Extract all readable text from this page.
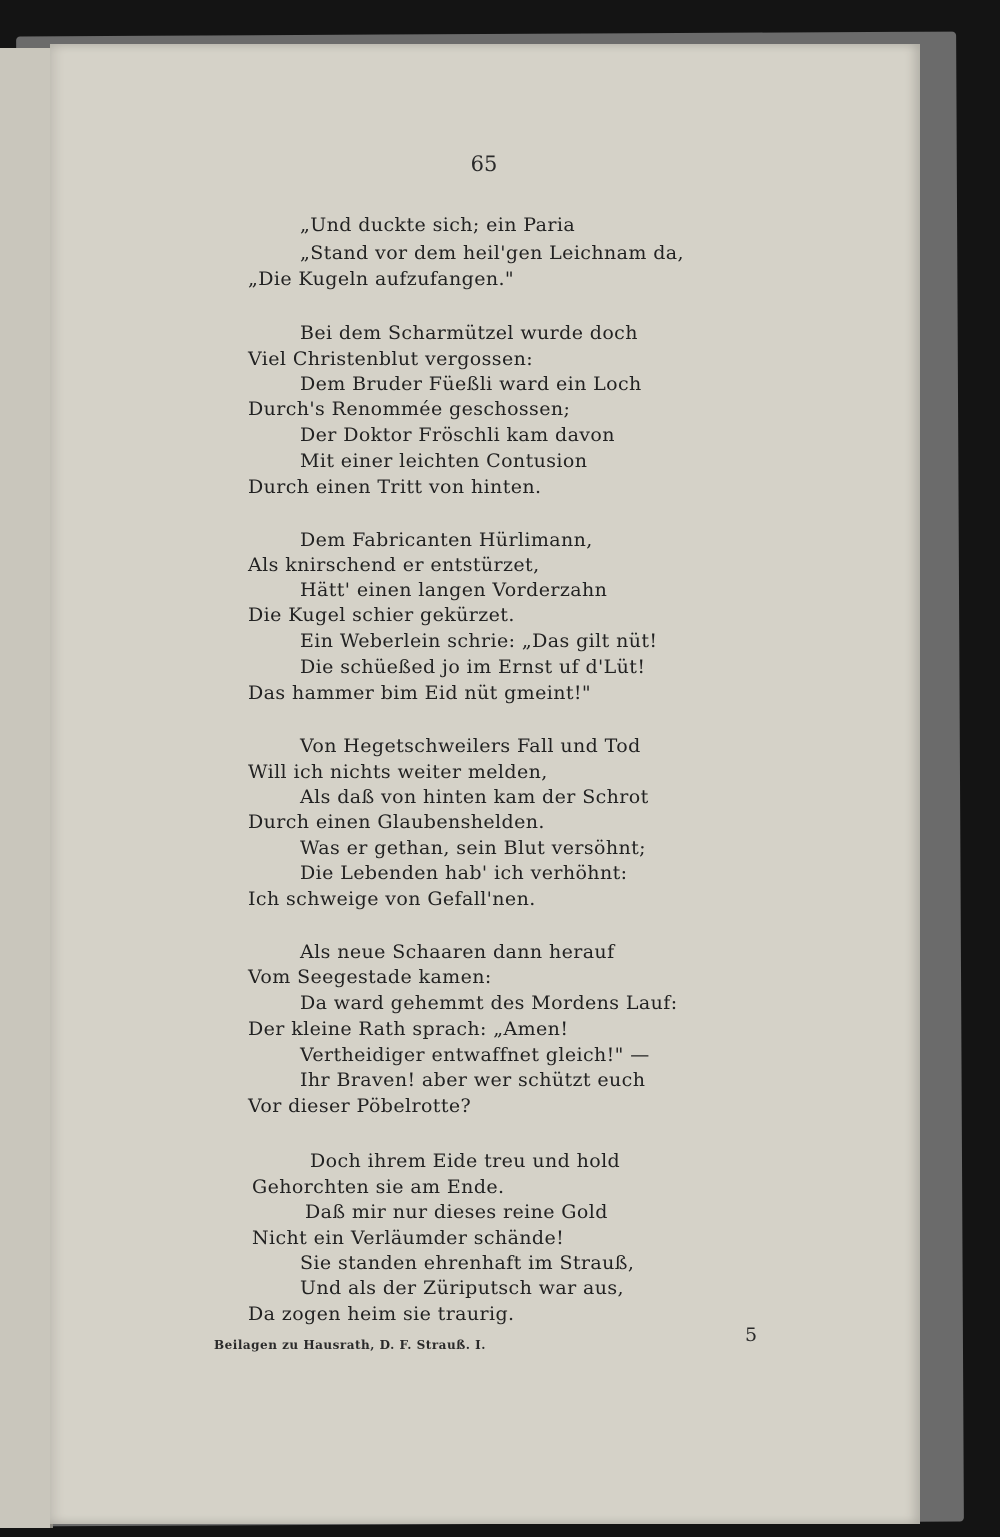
65
„Und duckte sich; ein Paria
„Stand vor dem heil'gen Leichnam da,
„Die Kugeln aufzufangen."
Bei dem Scharmützel wurde doch
Viel Christenblut vergossen:
Dem Bruder Füeßli ward ein Loch
Durch's Renommée geschossen;
Der Doktor Fröschli kam davon
Mit einer leichten Contusion
Durch einen Tritt von hinten.
Dem Fabricanten Hürlimann,
Als knirschend er entstürzet,
Hätt' einen langen Vorderzahn
Die Kugel schier gekürzet.
Ein Weberlein schrie: „Das gilt nüt!
Die schüeßed jo im Ernst uf d'Lüt!
Das hammer bim Eid nüt gmeint!"
Von Hegetschweilers Fall und Tod
Will ich nichts weiter melden,
Als daß von hinten kam der Schrot
Durch einen Glaubenshelden.
Was er gethan, sein Blut versöhnt;
Die Lebenden hab' ich verhöhnt:
Ich schweige von Gefall'nen.
Als neue Schaaren dann herauf
Vom Seegestade kamen:
Da ward gehemmt des Mordens Lauf:
Der kleine Rath sprach: „Amen!
Vertheidiger entwaffnet gleich!" —
Ihr Braven! aber wer schützt euch
Vor dieser Pöbelrotte?
Doch ihrem Eide treu und hold
Gehorchten sie am Ende.
Daß mir nur dieses reine Gold
Nicht ein Verläumder schände!
Sie standen ehrenhaft im Strauß,
Und als der Züriputsch war aus,
Da zogen heim sie traurig.
Beilagen zu Hausrath, D. F. Strauß. I.	5
